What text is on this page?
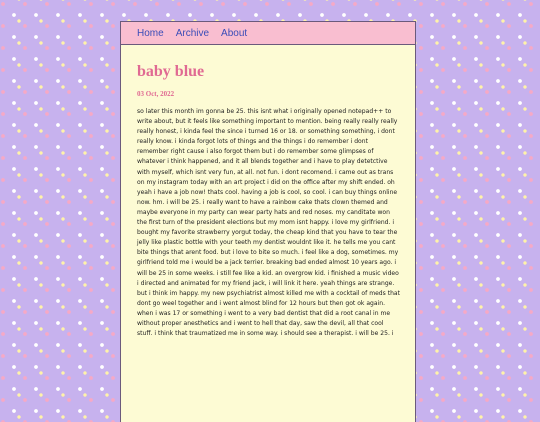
Home Archive About
baby blue
03 Oct, 2022

so later this month im gonna be 25. this isnt what i originally opened notepad++ to write about, but it feels like something important to mention. being really really really really honest, i kinda feel the since i turned 16 or 18. or something something, i dont really know. i kinda forgot lots of things and the things i do remember i dont remember right cause i also forgot them but i do remember some glimpses of whatever i think happened, and it all blends together and i have to play detetctive with myself, which isnt very fun, at all. not fun. i dont recomend. i came out as trans on my instagram today with an art project i did on the office after my shift ended. oh yeah i have a job now! thats cool. having a job is cool, so cool. i can buy things online now. hm. i will be 25. i really want to have a rainbow cake thats clown themed and maybe everyone in my party can wear party hats and red noses. my canditate won the first turn of the president elections but my mom isnt happy. i love my girlfriend. i bought my favorite strawberry yorgut today, the cheap kind that you have to tear the jelly like plastic bottle with your teeth my dentist wouldnt like it. he tells me you cant bite things that arent food. but i love to bite so much. i feel like a dog, sometimes. my girlfriend told me i would be a jack terrier. breaking bad ended almost 10 years ago. i will be 25 in some weeks. i still fee like a kid. an overgrow kid. i finished a music video i directed and animated for my friend jack, i will link it here. yeah things are strange. but i think im happy. my new psychiatrist almost killed me with a cocktail of meds that dont go weel together and i went almost blind for 12 hours but then got ok again. when i was 17 or something i went to a very bad dentist that did a root canal in me without proper anesthetics and i went to hell that day, saw the devil, all that cool stuff. i think that traumatized me in some way. i should see a therapist. i will be 25. i
